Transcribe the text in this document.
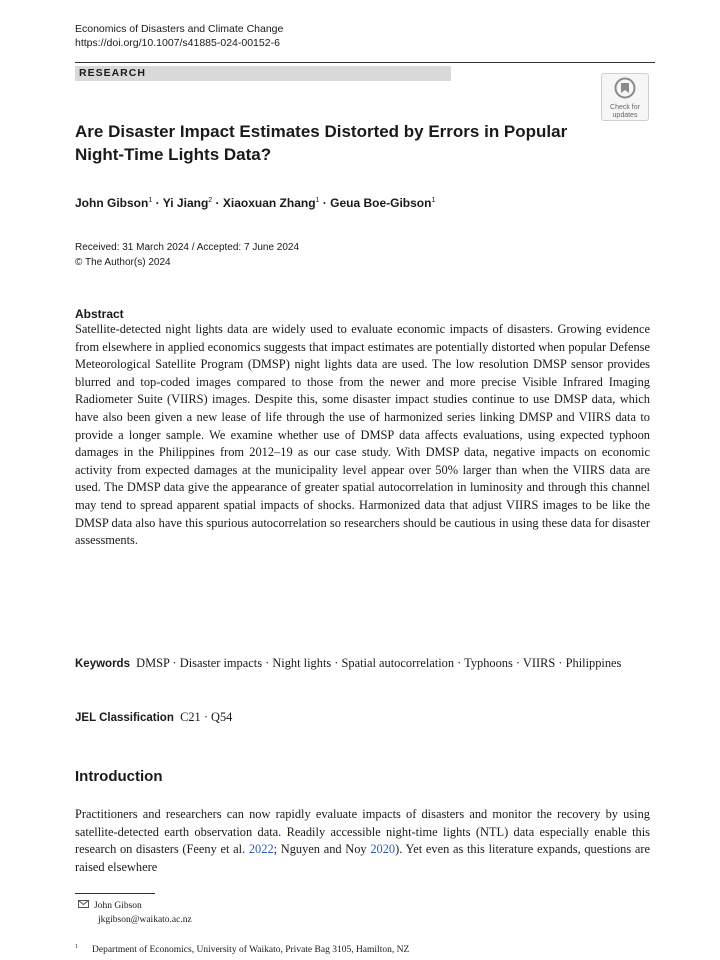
Economics of Disasters and Climate Change
https://doi.org/10.1007/s41885-024-00152-6
RESEARCH
Check for
updates
Are Disaster Impact Estimates Distorted by Errors in Popular Night-Time Lights Data?
John Gibson$^1$ · Yi Jiang$^2$ · Xiaoxuan Zhang$^1$ · Geua Boe-Gibson$^1$
Received: 31 March 2024 / Accepted: 7 June 2024
© The Author(s) 2024
Abstract
Satellite-detected night lights data are widely used to evaluate economic impacts of disasters. Growing evidence from elsewhere in applied economics suggests that impact estimates are potentially distorted when popular Defense Meteorological Satellite Program (DMSP) night lights data are used. The low resolution DMSP sensor provides blurred and top-coded images compared to those from the newer and more precise Visible Infrared Imaging Radiometer Suite (VIIRS) images. Despite this, some disaster impact studies continue to use DMSP data, which have also been given a new lease of life through the use of harmonized series linking DMSP and VIIRS data to provide a longer sample. We examine whether use of DMSP data affects evaluations, using expected typhoon damages in the Philippines from 2012–19 as our case study. With DMSP data, negative impacts on economic activity from expected damages at the municipality level appear over 50% larger than when the VIIRS data are used. The DMSP data give the appearance of greater spatial autocorrelation in luminosity and through this channel may tend to spread apparent spatial impacts of shocks. Harmonized data that adjust VIIRS images to be like the DMSP data also have this spurious autocorrelation so researchers should be cautious in using these data for disaster assessments.
Keywords DMSP · Disaster impacts · Night lights · Spatial autocorrelation · Typhoons · VIIRS · Philippines
JEL Classification C21 · Q54
Introduction
Practitioners and researchers can now rapidly evaluate impacts of disasters and monitor the recovery by using satellite-detected earth observation data. Readily accessible night-time lights (NTL) data especially enable this research on disasters (Feeny et al. 2022; Nguyen and Noy 2020). Yet even as this literature expands, questions are raised elsewhere
John Gibson
jkgibson@waikato.ac.nz
$^1$ Department of Economics, University of Waikato, Private Bag 3105, Hamilton, NZ
